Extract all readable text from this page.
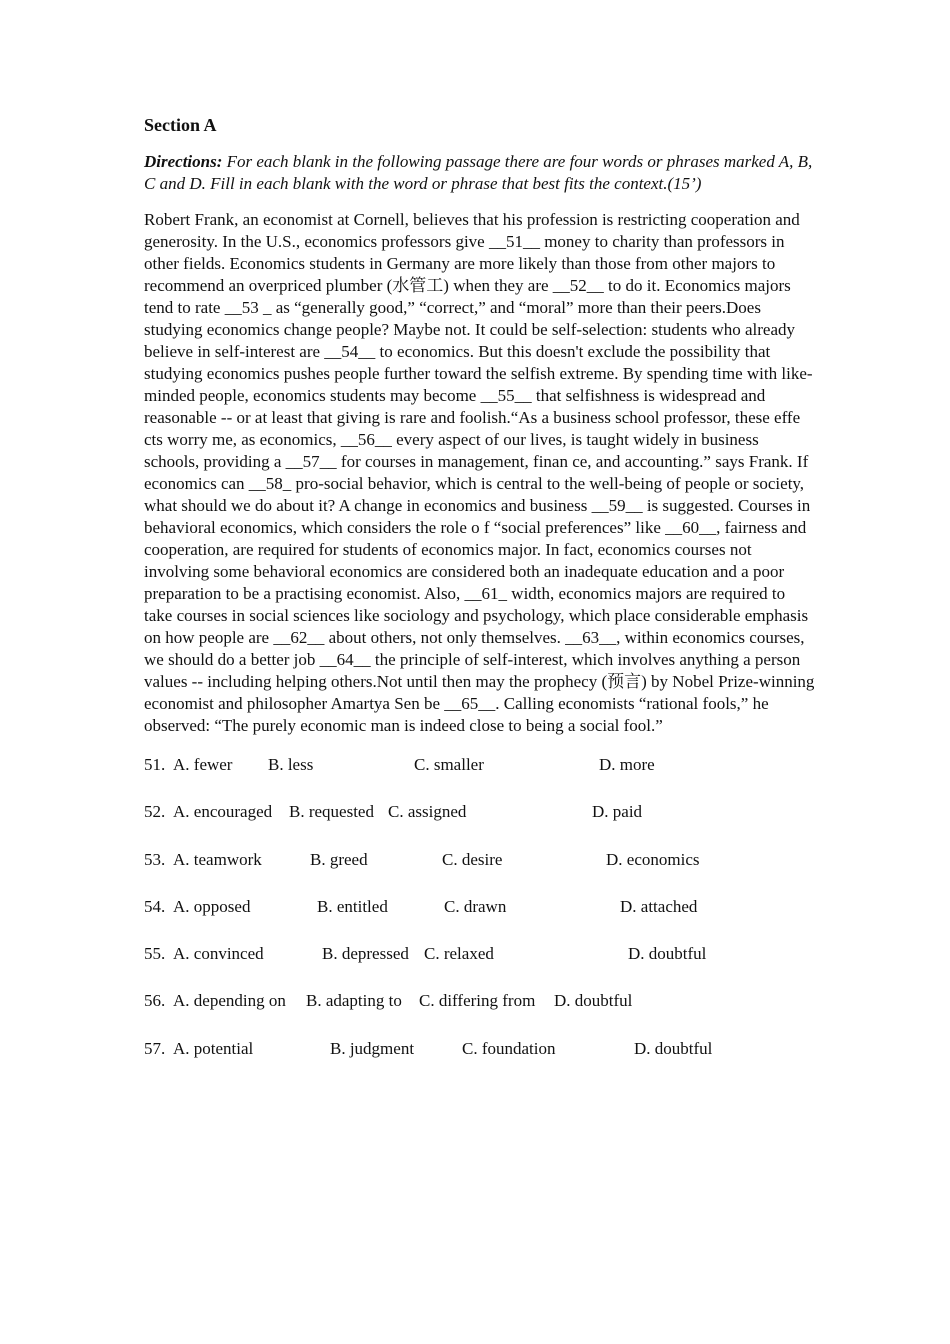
Section A
Directions: For each blank in the following passage there are four words or phrases marked A, B, C and D. Fill in each blank with the word or phrase that best fits the context.(15’)
Robert Frank, an economist at Cornell, believes that his profession is restricting cooperation and generosity. In the U.S., economics professors give __51__ money to charity than professors in other fields. Economics students in Germany are more likely than those from other majors to recommend an overpriced plumber (水管工) when they are __52__ to do it. Economics majors tend to rate __53 _ as “generally good,” “correct,” and “moral” more than their peers.Does studying economics change people? Maybe not. It could be self-selection: students who already believe in self-interest are __54__ to economics. But this doesn't exclude the possibility that studying economics pushes people further toward the selfish extreme. By spending time with like-minded people, economics students may become __55__ that selfishness is widespread and reasonable -- or at least that giving is rare and foolish.“As a business school professor, these effe cts worry me, as economics, __56__ every aspect of our lives, is taught widely in business schools, providing a __57__ for courses in management, finan ce, and accounting.” says Frank. If economics can __58_ pro-social behavior, which is central to the well-being of people or society, what should we do about it? A change in economics and business __59__ is suggested. Courses in behavioral economics, which considers the role o f “social preferences” like __60__, fairness and cooperation, are required for students of economics major. In fact, economics courses not involving some behavioral economics are considered both an inadequate education and a poor preparation to be a practising economist. Also, __61_ width, economics majors are required to take courses in social sciences like sociology and psychology, which place considerable emphasis on how people are __62__ about others, not only themselves. __63__, within economics courses, we should do a better job __64__ the principle of self-interest, which involves anything a person values -- including helping others.Not until then may the prophecy (预言) by Nobel Prize-winning economist and philosopher Amartya Sen be __65__. Calling economists “rational fools,” he observed: “The purely economic man is indeed close to being a social fool.”
51. A. fewer B. less	C. smaller	D. more
52. A. encouraged B. requested C. assigned	D. paid
53. A. teamwork	B. greed	C. desire	D. economics
54. A. opposed	B. entitled	C. drawn	D. attached
55. A. convinced	B. depressed C. relaxed	D. doubtful
56. A. depending on B. adapting to C. differing from D. doubtful
57. A. potential	B. judgment	C. foundation	D. doubtful
